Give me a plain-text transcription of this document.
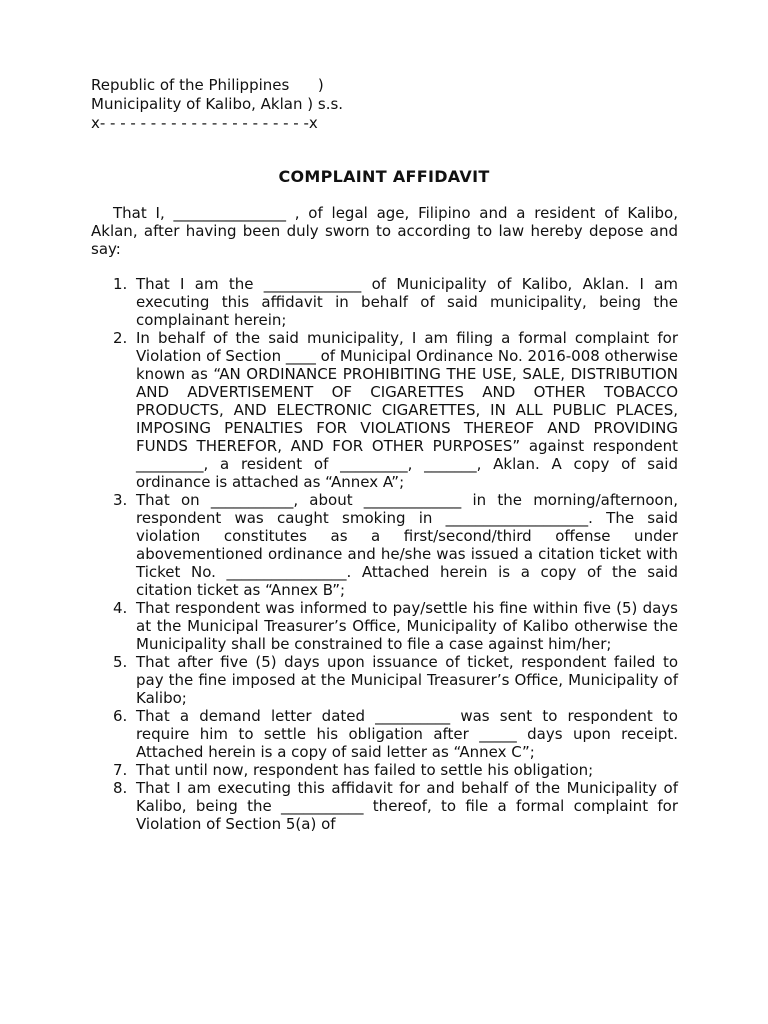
Republic of the Philippines      )
Municipality of Kalibo, Aklan ) s.s.
x- - - - - - - - - - - - - - - - - - - - -x
COMPLAINT AFFIDAVIT
That I, _______________ , of legal age, Filipino and a resident of Kalibo, Aklan, after having been duly sworn to according to law hereby depose and say:
1. That I am the _____________ of Municipality of Kalibo, Aklan. I am executing this affidavit in behalf of said municipality, being the complainant herein;
2. In behalf of the said municipality, I am filing a formal complaint for Violation of Section ____ of Municipal Ordinance No. 2016-008 otherwise known as “AN ORDINANCE PROHIBITING THE USE, SALE, DISTRIBUTION AND ADVERTISEMENT OF CIGARETTES AND OTHER TOBACCO PRODUCTS, AND ELECTRONIC CIGARETTES, IN ALL PUBLIC PLACES, IMPOSING PENALTIES FOR VIOLATIONS THEREOF AND PROVIDING FUNDS THEREFOR, AND FOR OTHER PURPOSES” against respondent _________, a resident of _________, _______, Aklan. A copy of said ordinance is attached as “Annex A”;
3. That on ___________, about _____________ in the morning/afternoon, respondent was caught smoking in ___________________. The said violation constitutes as a first/second/third offense under abovementioned ordinance and he/she was issued a citation ticket with Ticket No. ________________. Attached herein is a copy of the said citation ticket as “Annex B”;
4. That respondent was informed to pay/settle his fine within five (5) days at the Municipal Treasurer’s Office, Municipality of Kalibo otherwise the Municipality shall be constrained to file a case against him/her;
5. That after five (5) days upon issuance of ticket, respondent failed to pay the fine imposed at the Municipal Treasurer’s Office, Municipality of Kalibo;
6. That a demand letter dated __________ was sent to respondent to require him to settle his obligation after _____ days upon receipt. Attached herein is a copy of said letter as “Annex C”;
7. That until now, respondent has failed to settle his obligation;
8. That I am executing this affidavit for and behalf of the Municipality of Kalibo, being the ___________ thereof, to file a formal complaint for Violation of Section 5(a) of
